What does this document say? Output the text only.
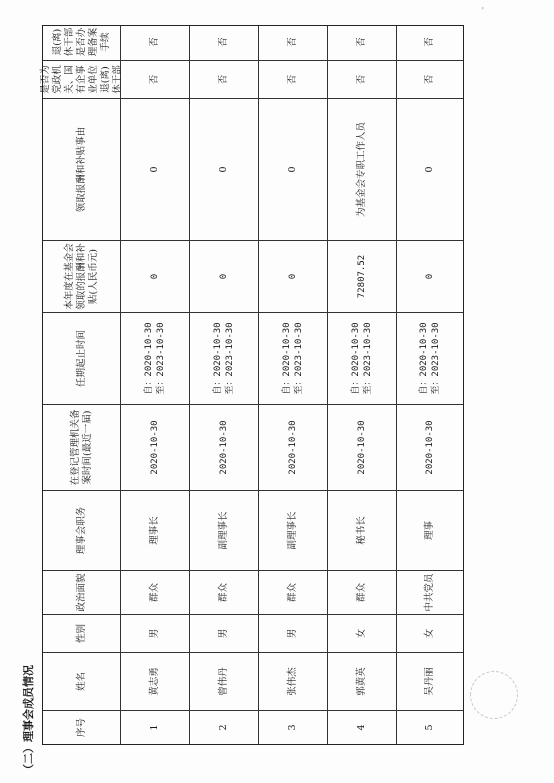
'
（二）理事会成员情况	序号
姓名
性别
政治面貌
理事会职务
在登记管理机关备案时间(最近一届)
任期起止时间
本年度在基金会领取的报酬和补贴(人民币元)
领取报酬和补贴事由
是否为党政机关、国有企事业单位退(离)休干部
退(离)休干部是否办理备案手续
1
黄志勇
男
群众
理事长
2020-10-30
自：2020-10-30
至：2023-10-30
0
0
否
否
2
曾伟丹
男
群众
副理事长
2020-10-30
自：2020-10-30
至：2023-10-30
0
0
否
否
3
张伟杰
男
群众
副理事长
2020-10-30
自：2020-10-30
至：2023-10-30
0
0
否
否
4
郭黄英
女
群众
秘书长
2020-10-30
自：2020-10-30
至：2023-10-30
72807.52
为基金会专职工作人员
否
否
5
吴丹丽
女
中共党员
理事
2020-10-30
自：2020-10-30
至：2023-10-30
0
0
否
否
